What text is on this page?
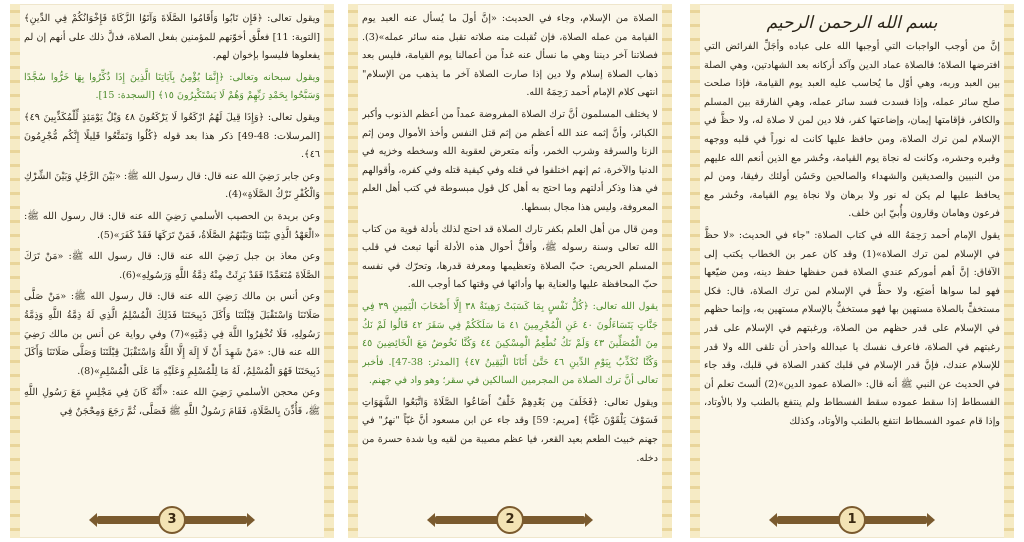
بسم الله الرحمن الرحيم

إنَّ من أوجب الواجبات التي أوجبها الله على عباده وأجَلِّ الفرائض التي افترضها الصلاة؛ فالصلاة عماد الدين وآكد أركانه بعد الشهادتين، وهي الصلة بين العبد وربه، وهي أوّل ما يُحاسب عليه العبد يوم القيامة، فإذا صلحت صلح سائر عمله، وإذا فسدت فسد سائر عمله، وهي الفارقة بين المسلم والكافر، فإقامتها إيمان، وإضاعتها كفر، فلا دين لمن لا صلاة له، ولا حظَّ في الإسلام لمن ترك الصلاة، ومن حافظ عليها كانت له نوراً في قلبه ووجهه وقبره وحشره، وكانت له نجاة يوم القيامة، وحُشر مع الذين أنعم الله عليهم من النبيين والصديقين والشهداء والصالحين وحَسُن أولئك رفيقا، ومن لم يحافظ عليها لم يكن له نور ولا برهان ولا نجاة يوم القيامة، وحُشر مع فرعون وهامان وقارون وأُبيّ ابن خلف.

يقول الإمام أحمد رَحِمَهُ الله في كتاب الصلاة: "جاء في الحديث: «لا حظَّ في الإسلام لمن ترك الصلاة»(1) وقد كان عمر بن الخطاب يكتب إلى الآفاق: إنَّ أهم أموركم عندي الصلاة فمن حفظها حفظ دينه، ومن ضيّعها فهو لما سواها أضيَع، ولا حظَّ في الإسلام لمن ترك الصلاة، قال: فكل مستخفٍّ بالصلاة مستهين بها فهو مستخفٌّ بالإسلام مستهين به، وإنما حظهم في الإسلام على قدر حظهم من الصلاة، ورغبتهم في الإسلام على قدر رغبتهم في الصلاة، فاعرف نفسك يا عبدالله واحذر أن تلقى الله ولا قدر للإسلام عندك، فإنَّ قدر الإسلام في قلبك كقدر الصلاة في قلبك، وقد جاء في الحديث عن النبي ﷺ أنه قال: «الصلاة عمود الدين»(2) ألستَ تعلم أن الفسطاط إذا سقط عموده سقط الفسطاط ولم ينتفع بالطنب ولا بالأوتاد، وإذا قام عمود الفسطاط انتفع بالطنب والأوتاد، وكذلك

1

الصلاة من الإسلام، وجاء في الحديث: «إنَّ أولَ ما يُسأل عنه العبد يوم القيامة من عمله الصلاة، فإن تُقبلت منه صلاته تقبل منه سائر عمله»(3). فصلاتنا آخر ديننا وهي ما نسأل عنه غداً من أعمالنا يوم القيامة، فليس بعد ذهاب الصلاة إسلام ولا دين إذا صارت الصلاة آخر ما يذهب من الإسلام" انتهى كلام الإمام أحمد رَحِمَهُ الله.

لا يختلف المسلمون أنَّ ترك الصلاة المفروضة عمداً من أعظم الذنوب وأكبر الكبائر، وأنَّ إثمه عند الله أعظم من إثم قتل النفس وأخذ الأموال ومن إثم الزنا والسرقة وشرب الخمر، وأنه متعرض لعقوبة الله وسخطه وخزيه في الدنيا والآخرة، ثم إنهم اختلفوا في قتله وفي كيفية قتله وفي كفره، وأقوالهم في هذا وذكر أدلتهم وما احتج به أهل كل قول مبسوطة في كتب أهل العلم المعروفة، وليس هذا مجال بسطها.

ومن قال من أهل العلم بكفر تارك الصلاة قد احتج لذلك بأدلة قوية من كتاب الله تعالى وسنة رسوله ﷺ، وأقلُّ أحوال هذه الأدلة أنها تبعث في قلب المسلم الحريص: حبّ الصلاة وتعظيمها ومعرفة قدرها، وتحرّك في نفسه حبّ المحافظة عليها والعناية بها وأدائها في وقتها كما أوجب الله.

يقول الله تعالى: ﴿كُلُّ نَفْسٍ بِمَا كَسَبَتْ رَهِينَةٌ ٣٨ إِلَّا أَصْحَابَ الْيَمِينِ ٣٩ فِي جَنَّاتٍ يَتَسَاءَلُونَ ٤٠ عَنِ الْمُجْرِمِينَ ٤١ مَا سَلَكَكُمْ فِي سَقَرَ ٤٢ قَالُوا لَمْ نَكُ مِنَ الْمُصَلِّينَ ٤٣ وَلَمْ نَكُ نُطْعِمُ الْمِسْكِينَ ٤٤ وَكُنَّا نَخُوضُ مَعَ الْخَائِضِينَ ٤٥ وَكُنَّا نُكَذِّبُ بِيَوْمِ الدِّينِ ٤٦ حَتَّىٰ أَتَانَا الْيَقِينُ ٤٧﴾ [المدثر: 38-47]. فأخبر تعالى أنَّ ترك الصلاة من المجرمين السالكين في سقر؛ وهو واد في جهنم.

ويقول تعالى: ﴿فَخَلَفَ مِن بَعْدِهِمْ خَلْفٌ أَضَاعُوا الصَّلَاةَ وَاتَّبَعُوا الشَّهَوَاتِ فَسَوْفَ يَلْقَوْنَ غَيًّا﴾ [مريم: 59] وقد جاء عن ابن مسعود أنَّ غيّاً "نهرٌ" في جهنم خبيث الطعم بعيد القعر، فيا عظم مصيبة من لقيه ويا شدة حسرة من دخله.

2

ويقول تعالى: ﴿فَإِن تَابُوا وَأَقَامُوا الصَّلَاةَ وَآتَوُا الزَّكَاةَ فَإِخْوَانُكُمْ فِي الدِّينِ﴾ [التوبة: 11] فعلَّق أخوّتهم للمؤمنين بفعل الصلاة، فدلَّ ذلك على أنهم إن لم يفعلوها فليسوا بإخوان لهم.

ويقول سبحانه وتعالى: ﴿إِنَّمَا يُؤْمِنُ بِآيَاتِنَا الَّذِينَ إِذَا ذُكِّرُوا بِهَا خَرُّوا سُجَّدًا وَسَبَّحُوا بِحَمْدِ رَبِّهِمْ وَهُمْ لَا يَسْتَكْبِرُونَ ١٥﴾ [السجدة: 15].

ويقول تعالى: ﴿وَإِذَا قِيلَ لَهُمُ ارْكَعُوا لَا يَرْكَعُونَ ٤٨ وَيْلٌ يَوْمَئِذٍ لِّلْمُكَذِّبِينَ ٤٩﴾ [المرسلات: 48-49] ذكر هذا بعد قوله ﴿كُلُوا وَتَمَتَّعُوا قَلِيلًا إِنَّكُم مُّجْرِمُونَ ٤٦﴾.

وعن جابر رَضِيَ الله عنه قال: قال رسول الله ﷺ: «بَيْنَ الرَّجُلِ وَبَيْنَ الشِّرْكِ وَالْكُفْرِ تَرْكُ الصَّلَاةِ»(4).

وعن بريدة بن الحصيب الأسلمي رَضِيَ الله عنه قال: قال رسول الله ﷺ: «الْعَهْدُ الَّذِي بَيْنَنَا وَبَيْنَهُمُ الصَّلَاةُ، فَمَنْ تَرَكَهَا فَقَدْ كَفَرَ»(5).

وعن معاذ بن جبل رَضِيَ الله عنه قال: قال رسول الله ﷺ: «مَنْ تَرَكَ الصَّلَاةَ مُتَعَمِّدًا فَقَدْ بَرِئَتْ مِنْهُ ذِمَّةُ اللَّهِ وَرَسُولِهِ»(6).

وعن أنس بن مالك رَضِيَ الله عنه قال: قال رسول الله ﷺ: «مَنْ صَلَّى صَلَاتَنَا وَاسْتَقْبَلَ قِبْلَتَنَا وَأَكَلَ ذَبِيحَتَنَا فَذَلِكَ الْمُسْلِمُ الَّذِي لَهُ ذِمَّةُ اللَّهِ وَذِمَّةُ رَسُولِهِ، فَلَا تُخْفِرُوا اللَّهَ فِي ذِمَّتِهِ»(7) وفي رواية عن أنس بن مالك رَضِيَ الله عنه قال: «مَنْ شَهِدَ أَنْ لَا إِلَهَ إِلَّا اللَّهُ وَاسْتَقْبَلَ قِبْلَتَنَا وَصَلَّى صَلَاتَنَا وَأَكَلَ ذَبِيحَتَنَا فَهُوَ الْمُسْلِمُ، لَهُ مَا لِلْمُسْلِمِ وَعَلَيْهِ مَا عَلَى الْمُسْلِمِ»(8).

وعن محجن الأسلمي رَضِيَ الله عنه: «أَنَّهُ كَانَ فِي مَجْلِسٍ مَعَ رَسُولِ اللَّهِ ﷺ، فَأُذِّنَ بِالصَّلَاةِ، فَقَامَ رَسُولُ اللَّهِ ﷺ فَصَلَّى، ثُمَّ رَجَعَ وَمِحْجَنٌ فِي

3
